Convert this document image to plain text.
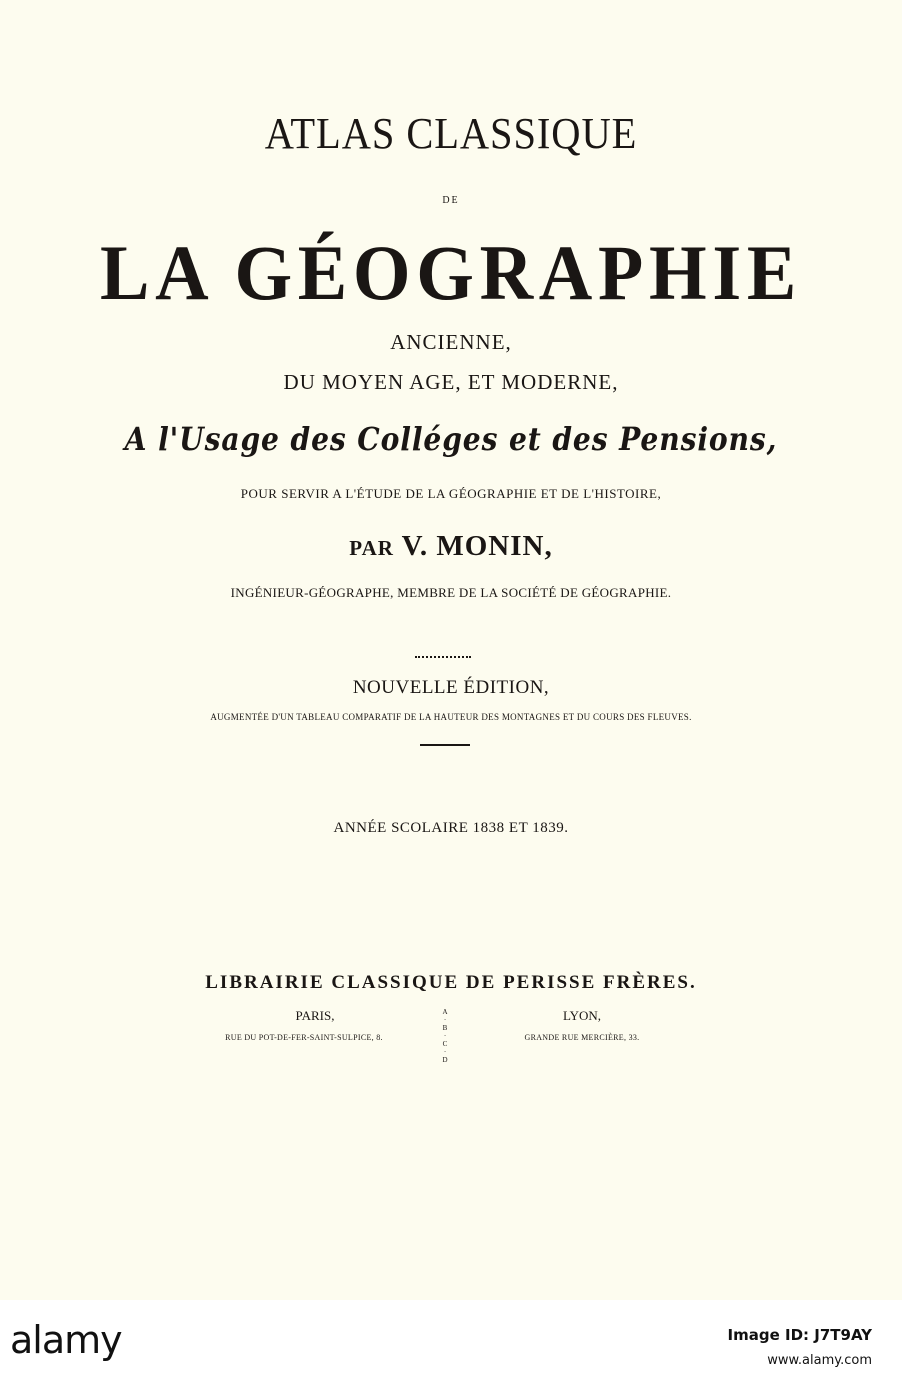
ATLAS CLASSIQUE
DE
LA GÉOGRAPHIE
ANCIENNE,
DU MOYEN AGE, ET MODERNE,
A l'Usage des Colléges et des Pensions,
POUR SERVIR A L'ÉTUDE DE LA GÉOGRAPHIE ET DE L'HISTOIRE,
PAR V. MONIN,
INGÉNIEUR-GÉOGRAPHE, MEMBRE DE LA SOCIÉTÉ DE GÉOGRAPHIE.
NOUVELLE ÉDITION,
AUGMENTÉE D'UN TABLEAU COMPARATIF DE LA HAUTEUR DES MONTAGNES ET DU COURS DES FLEUVES.
ANNÉE SCOLAIRE 1838 ET 1839.
LIBRAIRIE CLASSIQUE DE PERISSE FRÈRES.
PARIS,
RUE DU POT-DE-FER-SAINT-SULPICE, 8.
A·B·C·D
LYON,
GRANDE RUE MERCIÈRE, 33.
alamy	Image ID: J7T9AY
www.alamy.com
